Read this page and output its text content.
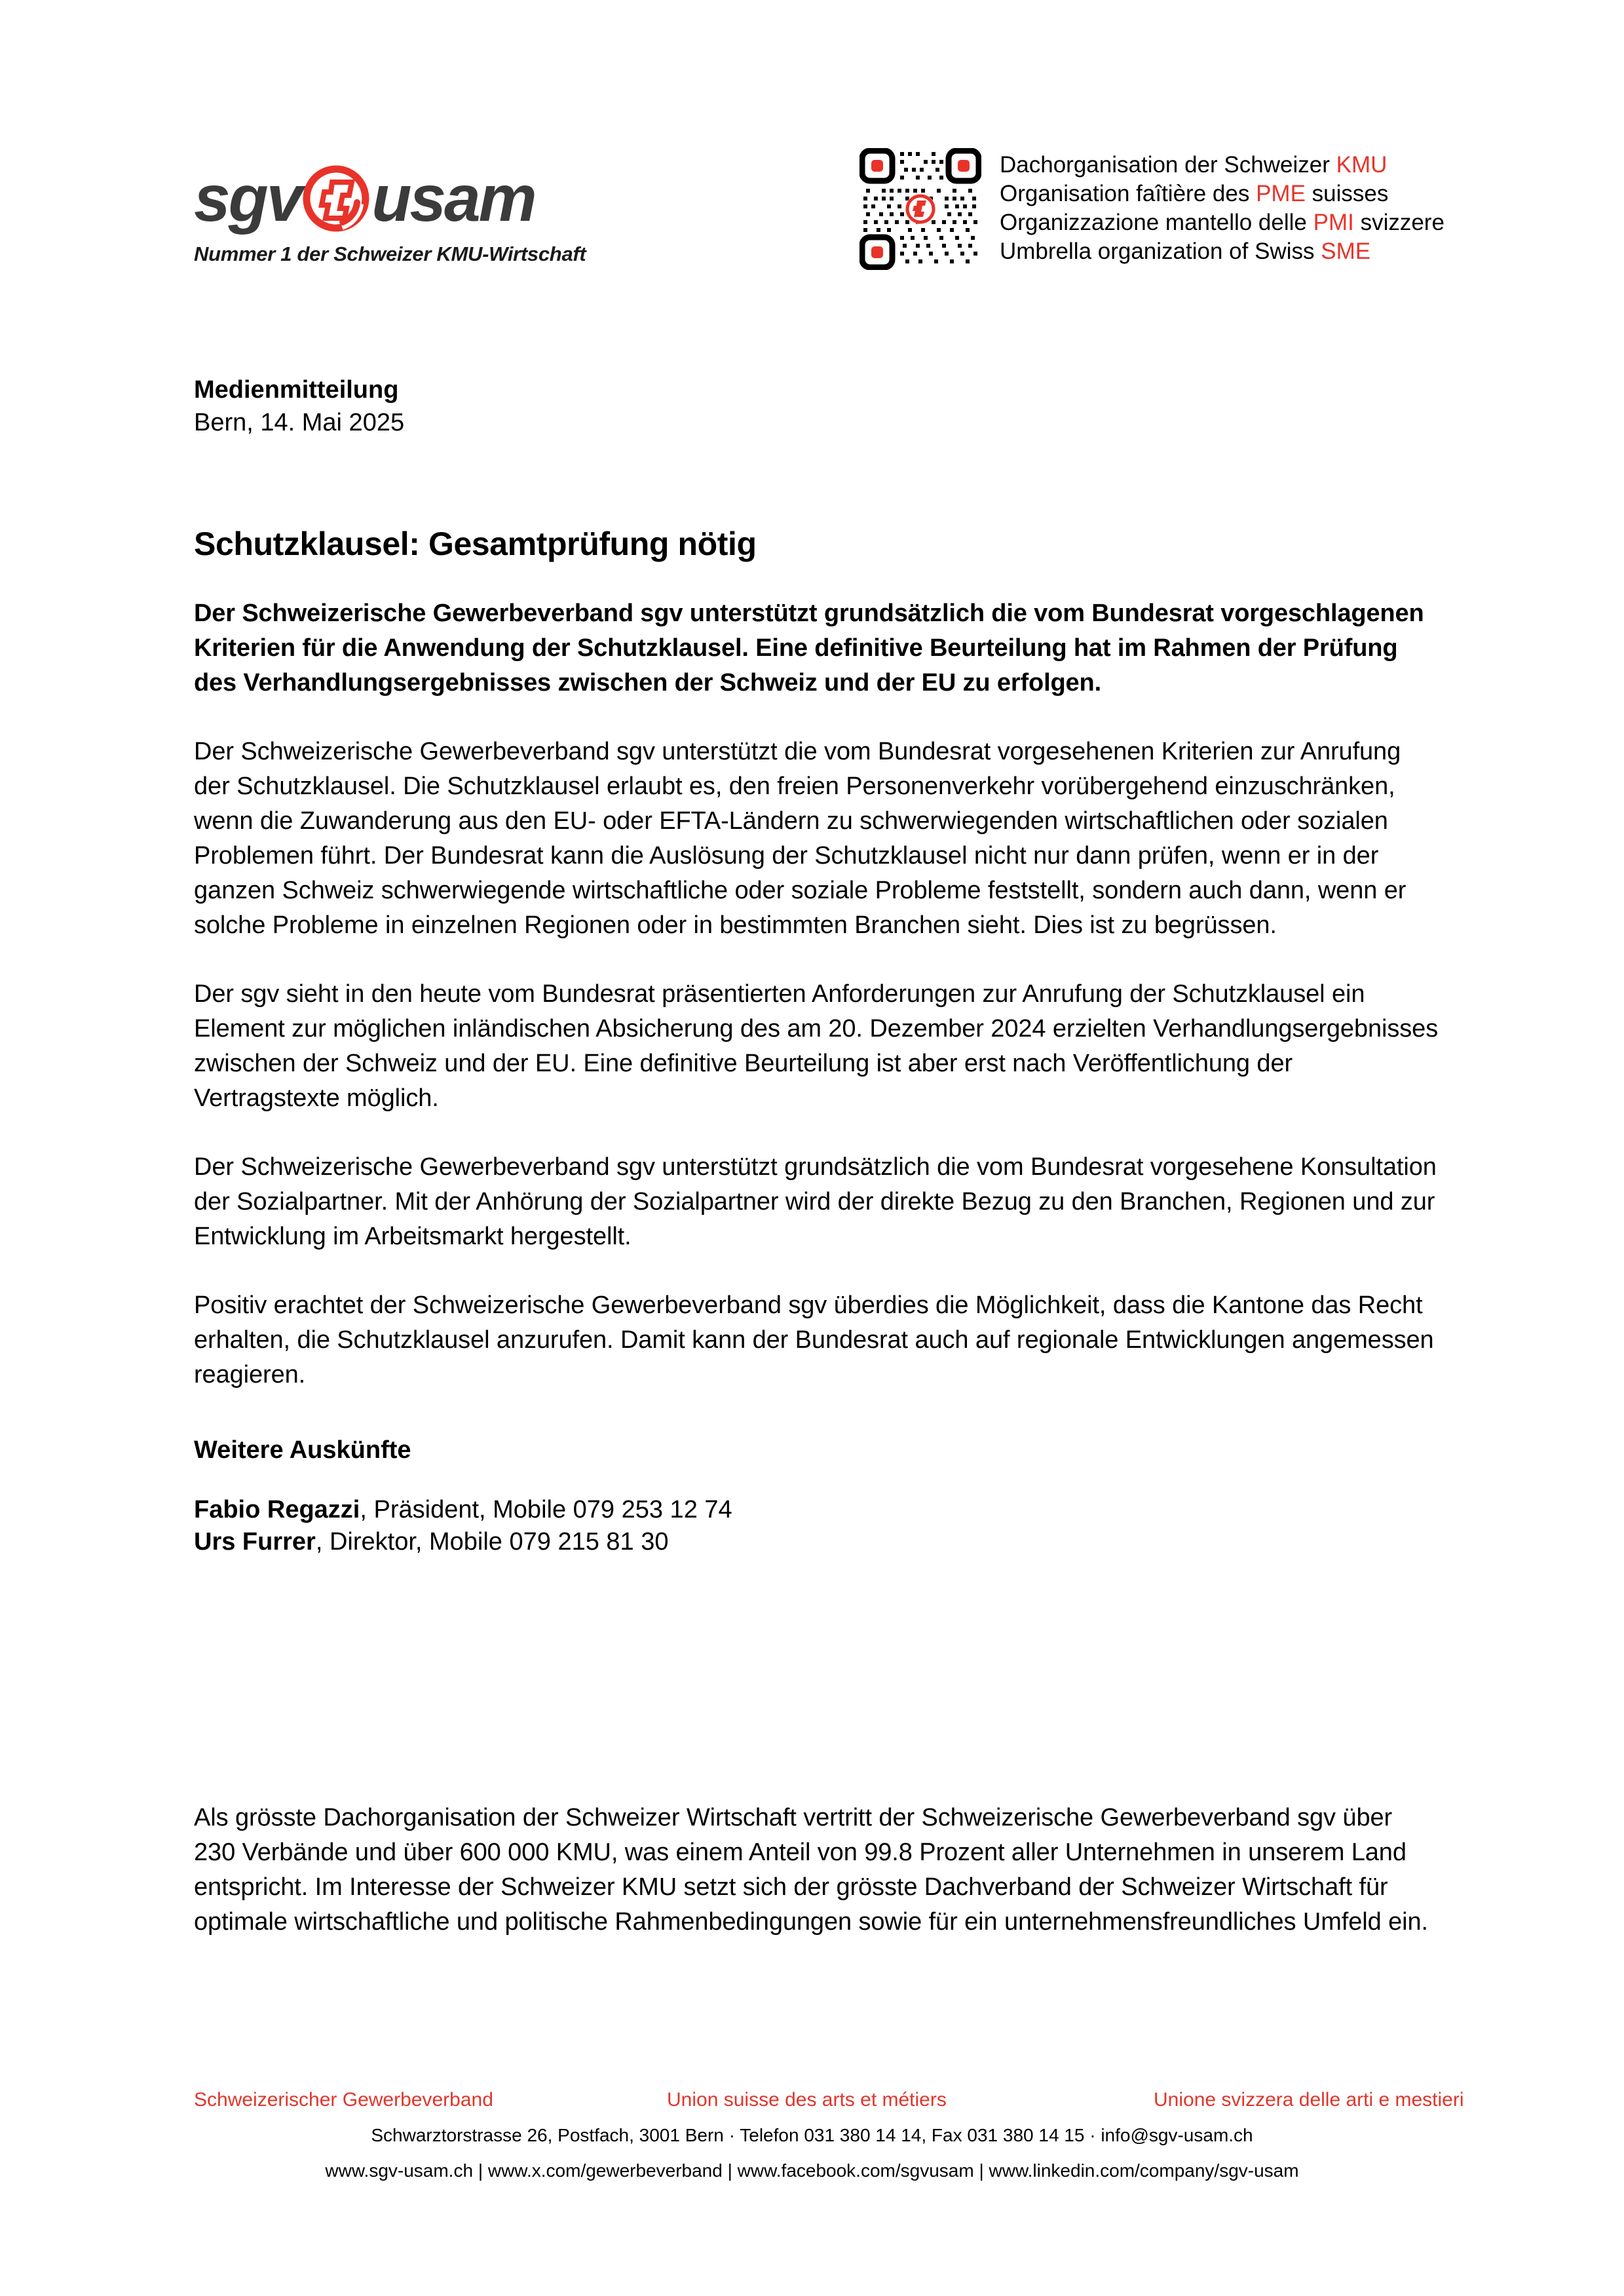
sgv usam
Nummer 1 der Schweizer KMU-Wirtschaft
Dachorganisation der Schweizer KMU
Organisation faîtière des PME suisses
Organizzazione mantello delle PMI svizzere
Umbrella organization of Swiss SME
Medienmitteilung
Bern, 14. Mai 2025
Schutzklausel: Gesamtprüfung nötig
Der Schweizerische Gewerbeverband sgv unterstützt grundsätzlich die vom Bundesrat vorgeschlagenen Kriterien für die Anwendung der Schutzklausel. Eine definitive Beurteilung hat im Rahmen der Prüfung des Verhandlungsergebnisses zwischen der Schweiz und der EU zu erfolgen.

Der Schweizerische Gewerbeverband sgv unterstützt die vom Bundesrat vorgesehenen Kriterien zur Anrufung der Schutzklausel. Die Schutzklausel erlaubt es, den freien Personenverkehr vorübergehend einzuschränken, wenn die Zuwanderung aus den EU- oder EFTA-Ländern zu schwerwiegenden wirtschaftlichen oder sozialen Problemen führt. Der Bundesrat kann die Auslösung der Schutzklausel nicht nur dann prüfen, wenn er in der ganzen Schweiz schwerwiegende wirtschaftliche oder soziale Probleme feststellt, sondern auch dann, wenn er solche Probleme in einzelnen Regionen oder in bestimmten Branchen sieht. Dies ist zu begrüssen.

Der sgv sieht in den heute vom Bundesrat präsentierten Anforderungen zur Anrufung der Schutzklausel ein Element zur möglichen inländischen Absicherung des am 20. Dezember 2024 erzielten Verhandlungsergebnisses zwischen der Schweiz und der EU. Eine definitive Beurteilung ist aber erst nach Veröffentlichung der Vertragstexte möglich.

Der Schweizerische Gewerbeverband sgv unterstützt grundsätzlich die vom Bundesrat vorgesehene Konsultation der Sozialpartner. Mit der Anhörung der Sozialpartner wird der direkte Bezug zu den Branchen, Regionen und zur Entwicklung im Arbeitsmarkt hergestellt.

Positiv erachtet der Schweizerische Gewerbeverband sgv überdies die Möglichkeit, dass die Kantone das Recht erhalten, die Schutzklausel anzurufen. Damit kann der Bundesrat auch auf regionale Entwicklungen angemessen reagieren.

Weitere Auskünfte
Fabio Regazzi, Präsident, Mobile 079 253 12 74
Urs Furrer, Direktor, Mobile 079 215 81 30
Als grösste Dachorganisation der Schweizer Wirtschaft vertritt der Schweizerische Gewerbeverband sgv über 230 Verbände und über 600 000 KMU, was einem Anteil von 99.8 Prozent aller Unternehmen in unserem Land entspricht. Im Interesse der Schweizer KMU setzt sich der grösste Dachverband der Schweizer Wirtschaft für optimale wirtschaftliche und politische Rahmenbedingungen sowie für ein unternehmensfreundliches Umfeld ein.
Schweizerischer Gewerbeverband	Union suisse des arts et métiers	Unione svizzera delle arti e mestieri
Schwarztorstrasse 26, Postfach, 3001 Bern · Telefon 031 380 14 14, Fax 031 380 14 15 · info@sgv-usam.ch
www.sgv-usam.ch | www.x.com/gewerbeverband | www.facebook.com/sgvusam | www.linkedin.com/company/sgv-usam
